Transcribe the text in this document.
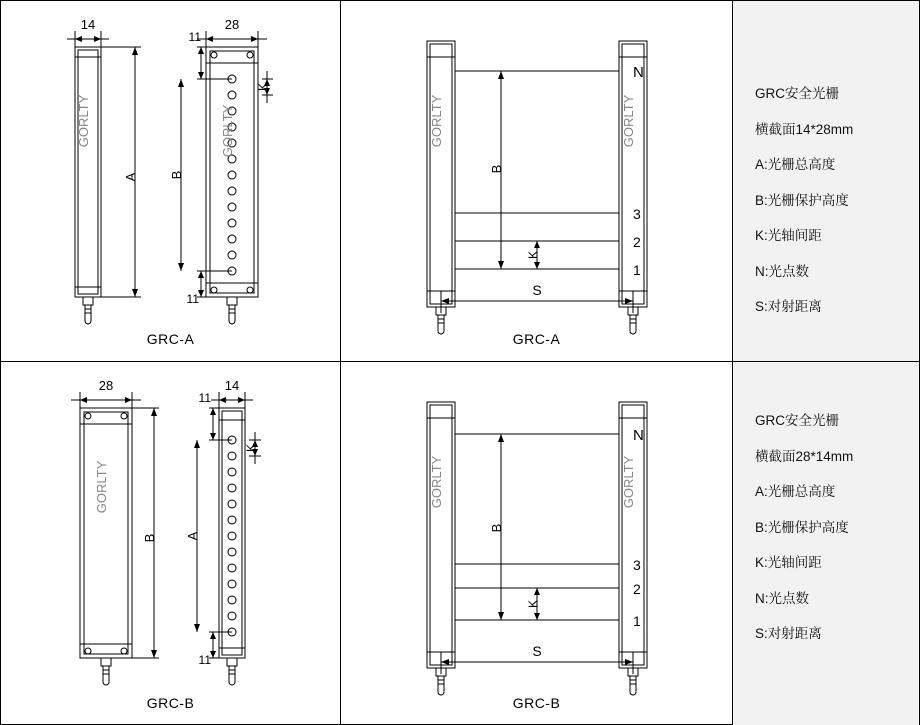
14
A
GORLTY
28
11
11
B
K
GORLTY
GRC-A
N
3
2
1
B
K
S
GORLTY	GORLTY
GRC-A
GRC安全光栅
横截面14*28mm
A:光栅总高度
B:光栅保护高度
K:光轴间距
N:光点数
S:对射距离
28
B
GORLTY
14
11
11
A
K
GRC-B
N
3
2
1
B
K
S
GORLTY	GORLTY
GRC-B
GRC安全光栅
横截面28*14mm
A:光栅总高度
B:光栅保护高度
K:光轴间距
N:光点数
S:对射距离
